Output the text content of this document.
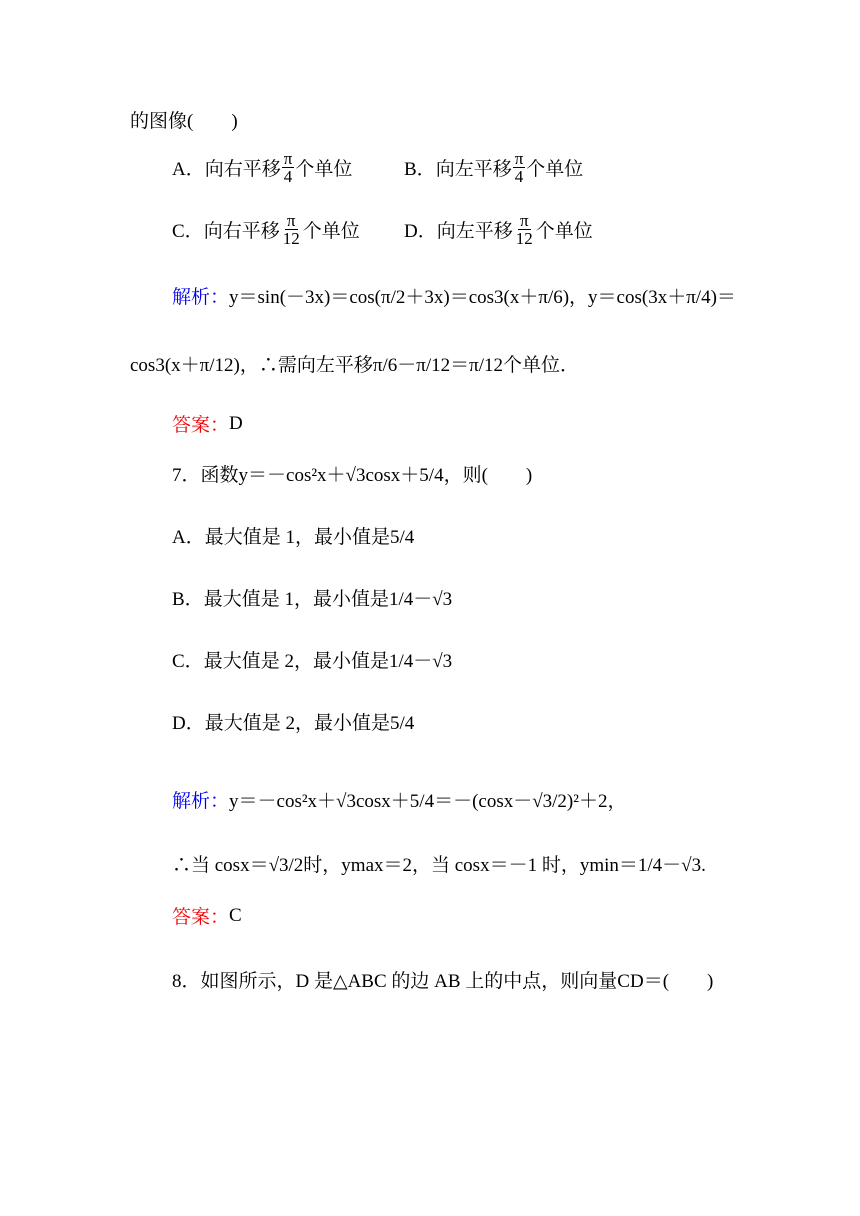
的图像(　　)
A． 向右平移 $\frac{\pi}{4}$ 个单位	B． 向左平移 $\frac{\pi}{4}$ 个单位
C． 向右平移 $\frac{\pi}{12}$ 个单位 D． 向左平移 $\frac{\pi}{12}$ 个单位
解析： y＝sin(－3x)＝cos(π/2＋3x)＝cos3(x＋π/6)，y＝cos(3x＋π/4)＝
cos3(x＋π/12)，∴需向左平移π/6－π/12＝π/12个单位．
答案： D
7．函数 y＝－cos²x＋√3cosx＋5/4，则(　　)
A． 最大值是 1，最小值是5/4
B． 最大值是 1，最小值是1/4－√3
C． 最大值是 2，最小值是1/4－√3
D． 最大值是 2，最小值是5/4
解析： y＝－cos²x＋√3cosx＋5/4＝－(cosx－√3/2)²＋2，
∴当 cosx＝√3/2时，ymax＝2，当 cosx＝－1 时，ymin＝1/4－√3.
答案： C
8．如图所示，D 是△ABC 的边 AB 上的中点，则向量CD＝(　　)
